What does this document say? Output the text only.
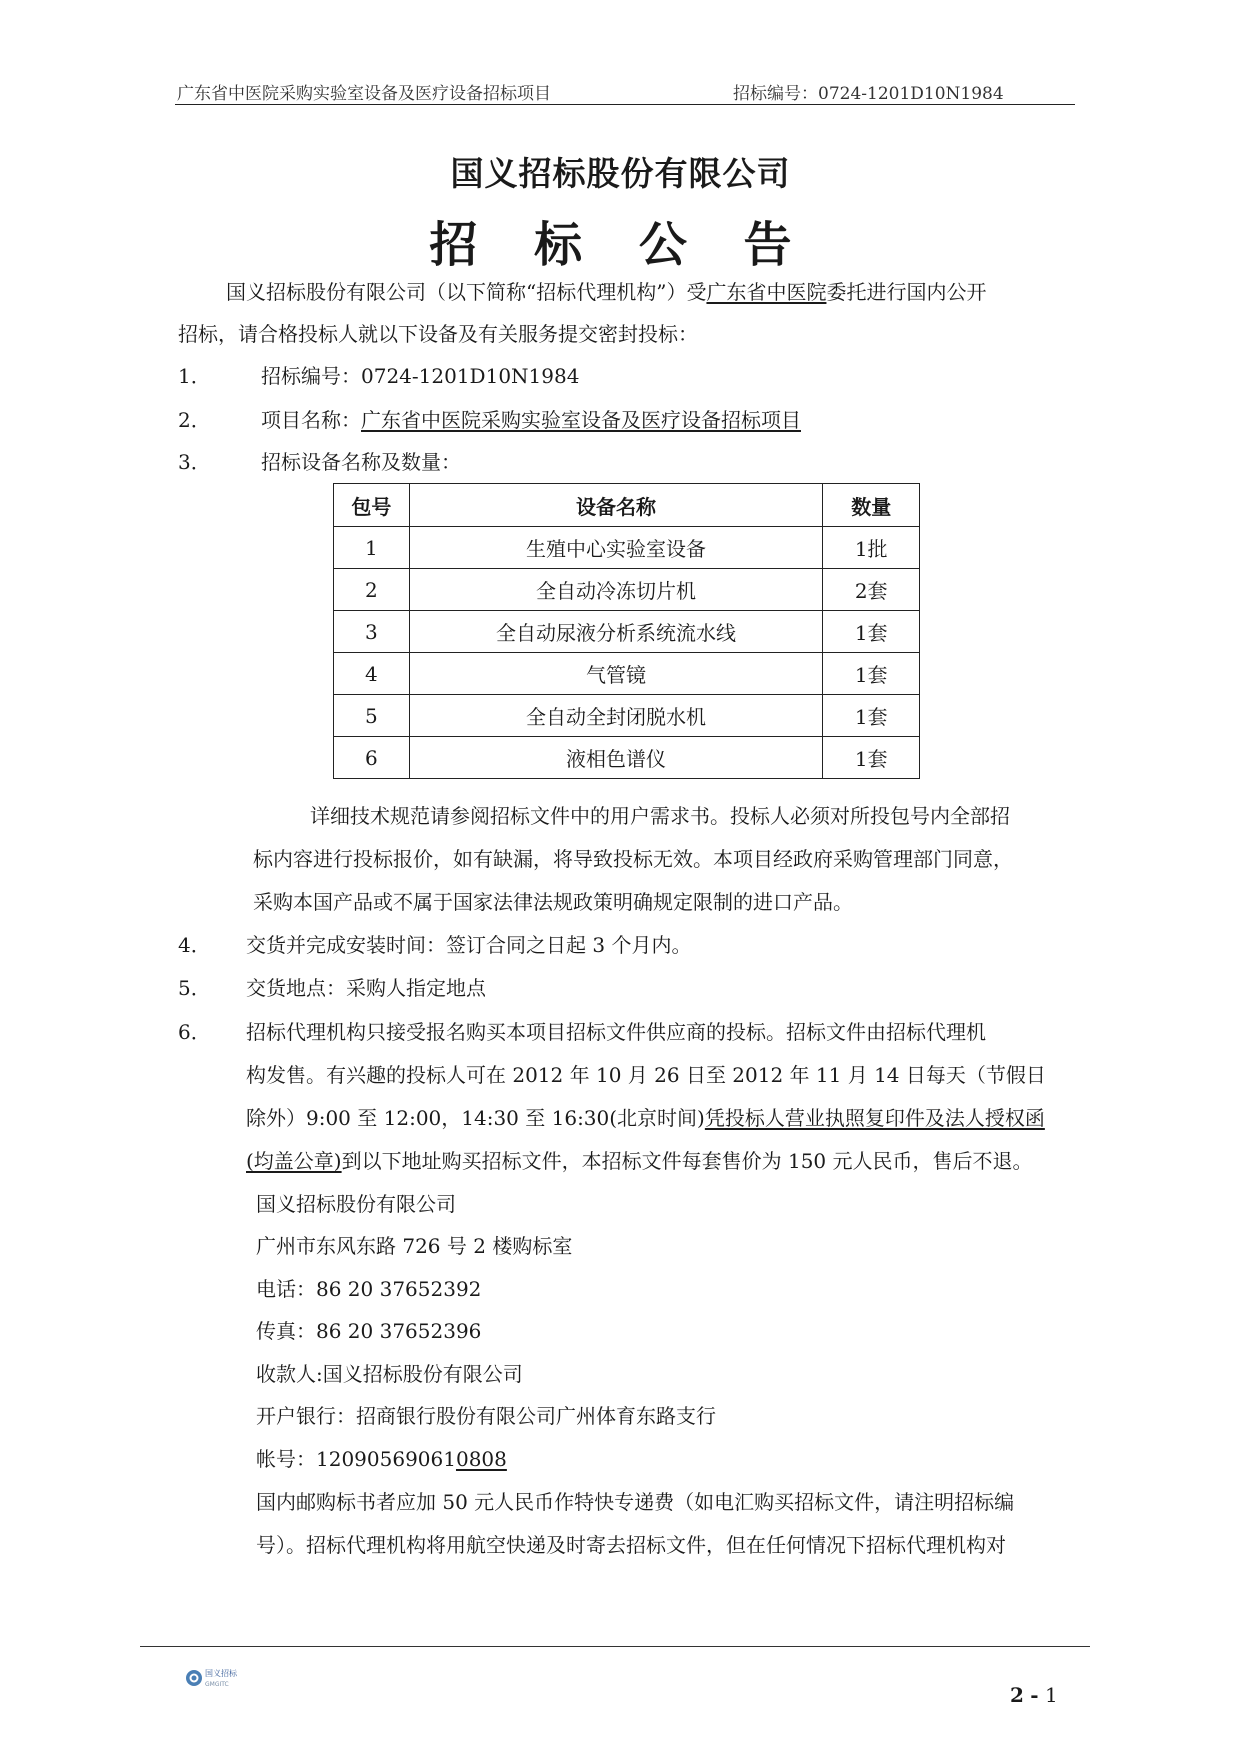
广东省中医院采购实验室设备及医疗设备招标项目	招标编号：0724-1201D10N1984
国义招标股份有限公司
招 标 公 告
国义招标股份有限公司（以下简称“招标代理机构”）受广东省中医院委托进行国内公开
招标，请合格投标人就以下设备及有关服务提交密封投标：
1．	招标编号：0724-1201D10N1984
2．	项目名称：广东省中医院采购实验室设备及医疗设备招标项目
3．	招标设备名称及数量：
包号	设备名称	数量
1	生殖中心实验室设备	1批
2	全自动冷冻切片机	2套
3	全自动尿液分析系统流水线	1套
4	气管镜	1套
5	全自动全封闭脱水机	1套
6	液相色谱仪	1套
详细技术规范请参阅招标文件中的用户需求书。投标人必须对所投包号内全部招
标内容进行投标报价，如有缺漏，将导致投标无效。本项目经政府采购管理部门同意，
采购本国产品或不属于国家法律法规政策明确规定限制的进口产品。
4． 交货并完成安装时间：签订合同之日起 3 个月内。
5． 交货地点：采购人指定地点
6． 招标代理机构只接受报名购买本项目招标文件供应商的投标。招标文件由招标代理机
构发售。有兴趣的投标人可在 2012 年 10 月 26 日至 2012 年 11 月 14 日每天（节假日
除外）9:00 至 12:00，14:30 至 16:30(北京时间)凭投标人营业执照复印件及法人授权函
(均盖公章)到以下地址购买招标文件，本招标文件每套售价为 150 元人民币，售后不退。
国义招标股份有限公司
广州市东风东路 726 号 2 楼购标室
电话：86 20 37652392
传真：86 20 37652396
收款人:国义招标股份有限公司
开户银行：招商银行股份有限公司广州体育东路支行
帐号：120905690610808
国内邮购标书者应加 50 元人民币作特快专递费（如电汇购买招标文件，请注明招标编
号）。招标代理机构将用航空快递及时寄去招标文件，但在任何情况下招标代理机构对
国义招标
GMGITC	2 - 1
